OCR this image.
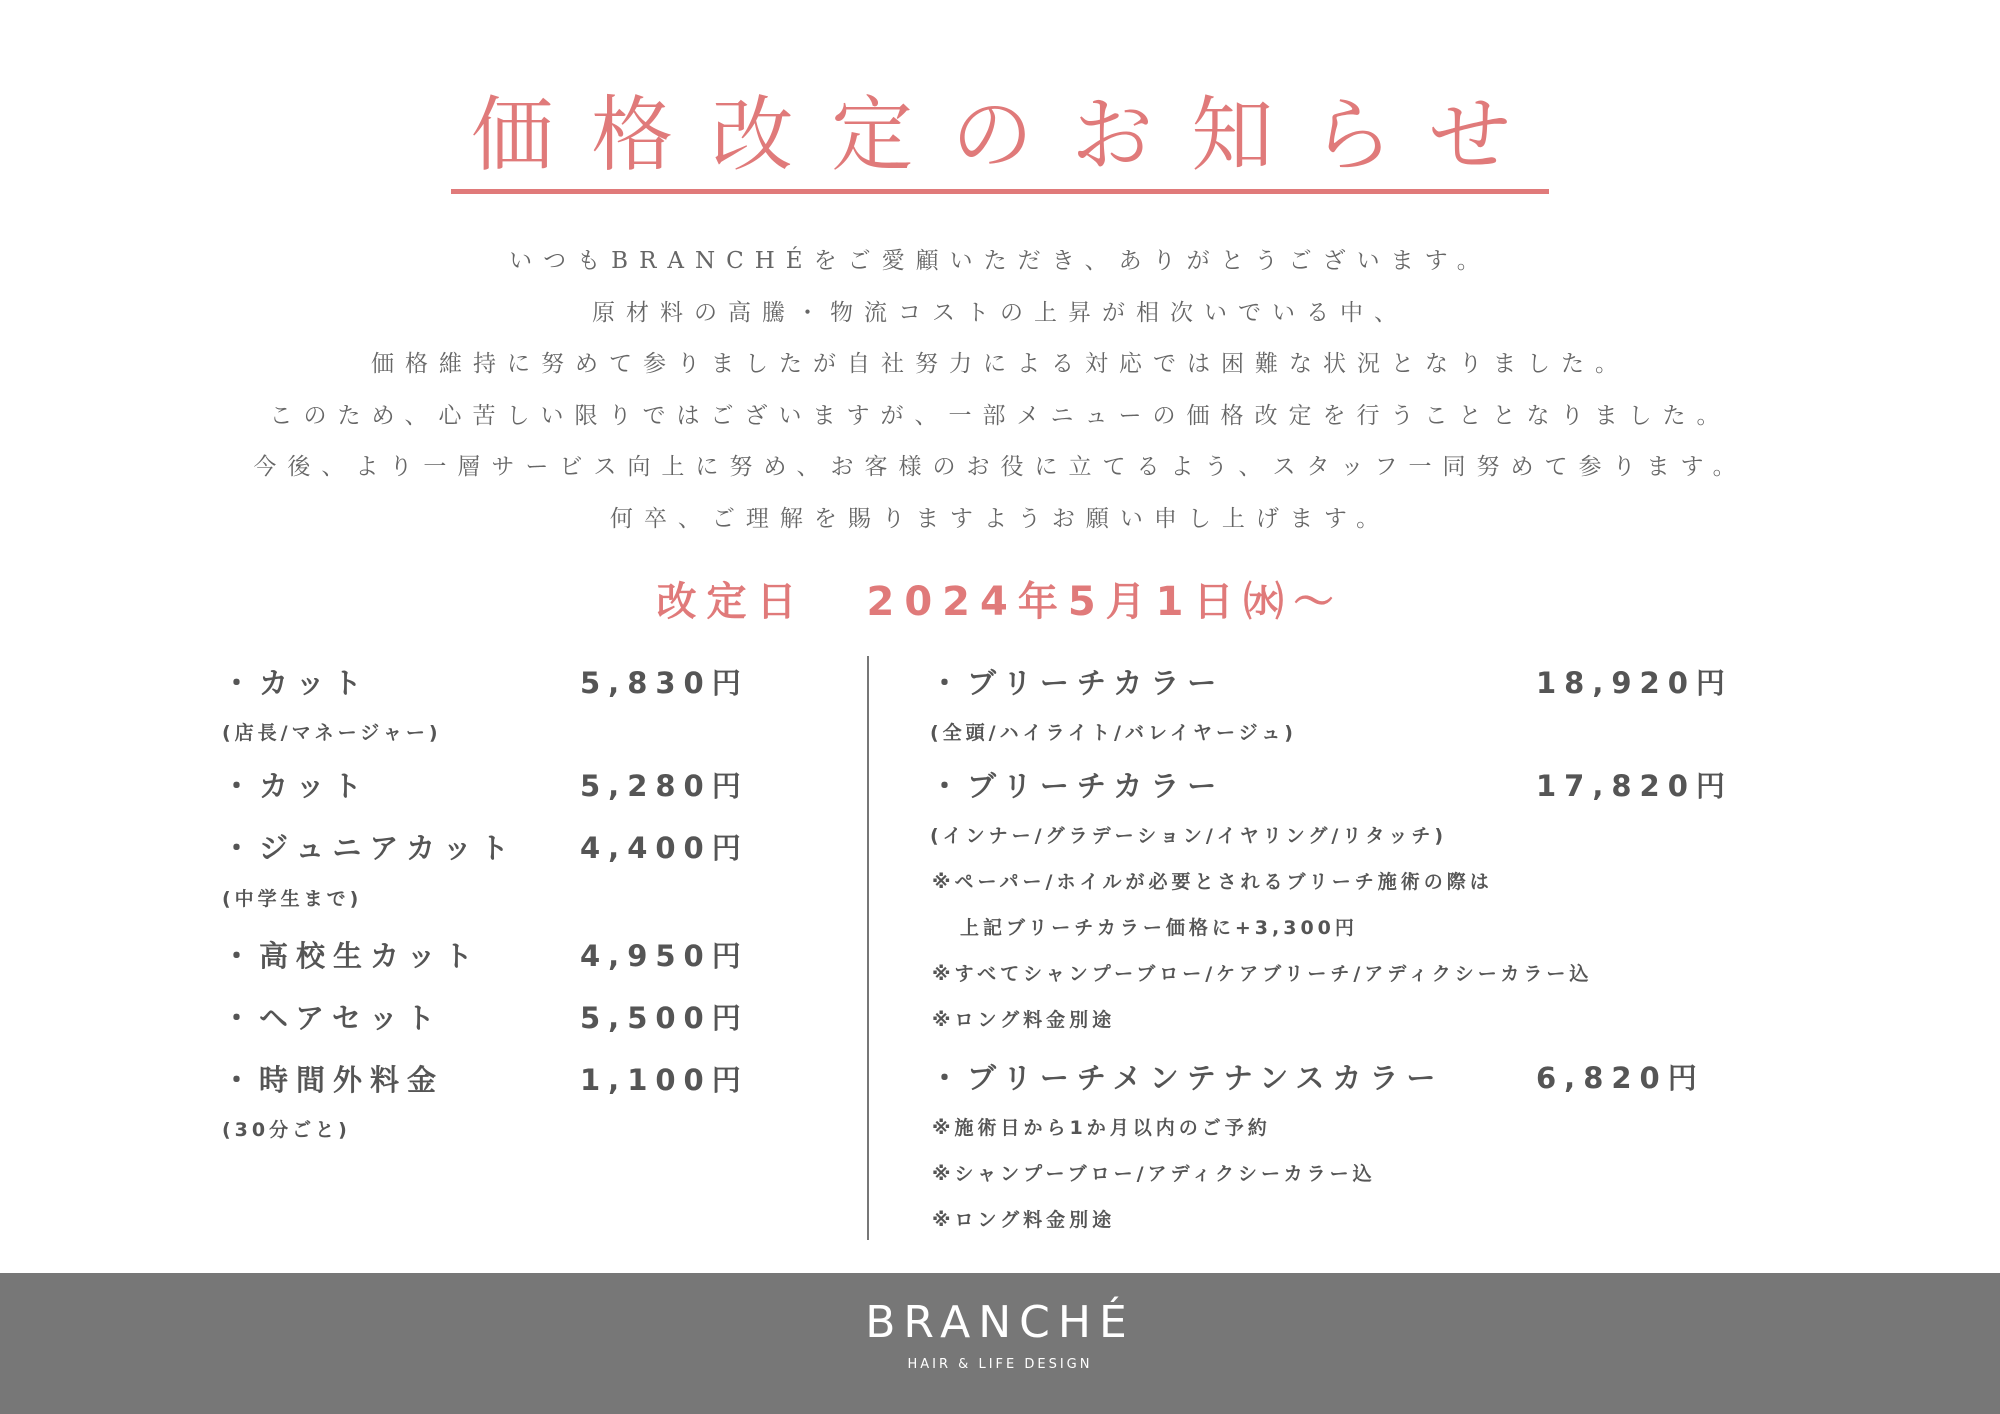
価格改定のお知らせ
いつもBRANCHÉをご愛顧いただき、ありがとうございます。
原材料の高騰・物流コストの上昇が相次いでいる中、
価格維持に努めて参りましたが自社努力による対応では困難な状況となりました。
このため、心苦しい限りではございますが、一部メニューの価格改定を行うこととなりました。
今後、より一層サービス向上に努め、お客様のお役に立てるよう、スタッフ一同努めて参ります。
何卒、ご理解を賜りますようお願い申し上げます。
改定日 2024年5月1日㈬～
・カット	5,830円
(店長/マネージャー)
・カット	5,280円
・ジュニアカット 4,400円
(中学生まで)
・高校生カット	4,950円
・ヘアセット	5,500円
・時間外料金	1,100円
(30分ごと)
・ブリーチカラー	18,920円
(全頭/ハイライト/バレイヤージュ)
・ブリーチカラー	17,820円
(インナー/グラデーション/イヤリング/リタッチ)
※ペーパー/ホイルが必要とされるブリーチ施術の際は
上記ブリーチカラー価格に+3,300円
※すべてシャンプーブロー/ケアブリーチ/アディクシーカラー込
※ロング料金別途
・ブリーチメンテナンスカラー	6,820円
※施術日から1か月以内のご予約
※シャンプーブロー/アディクシーカラー込
※ロング料金別途
BRANCHÉ
HAIR & LIFE DESIGN
